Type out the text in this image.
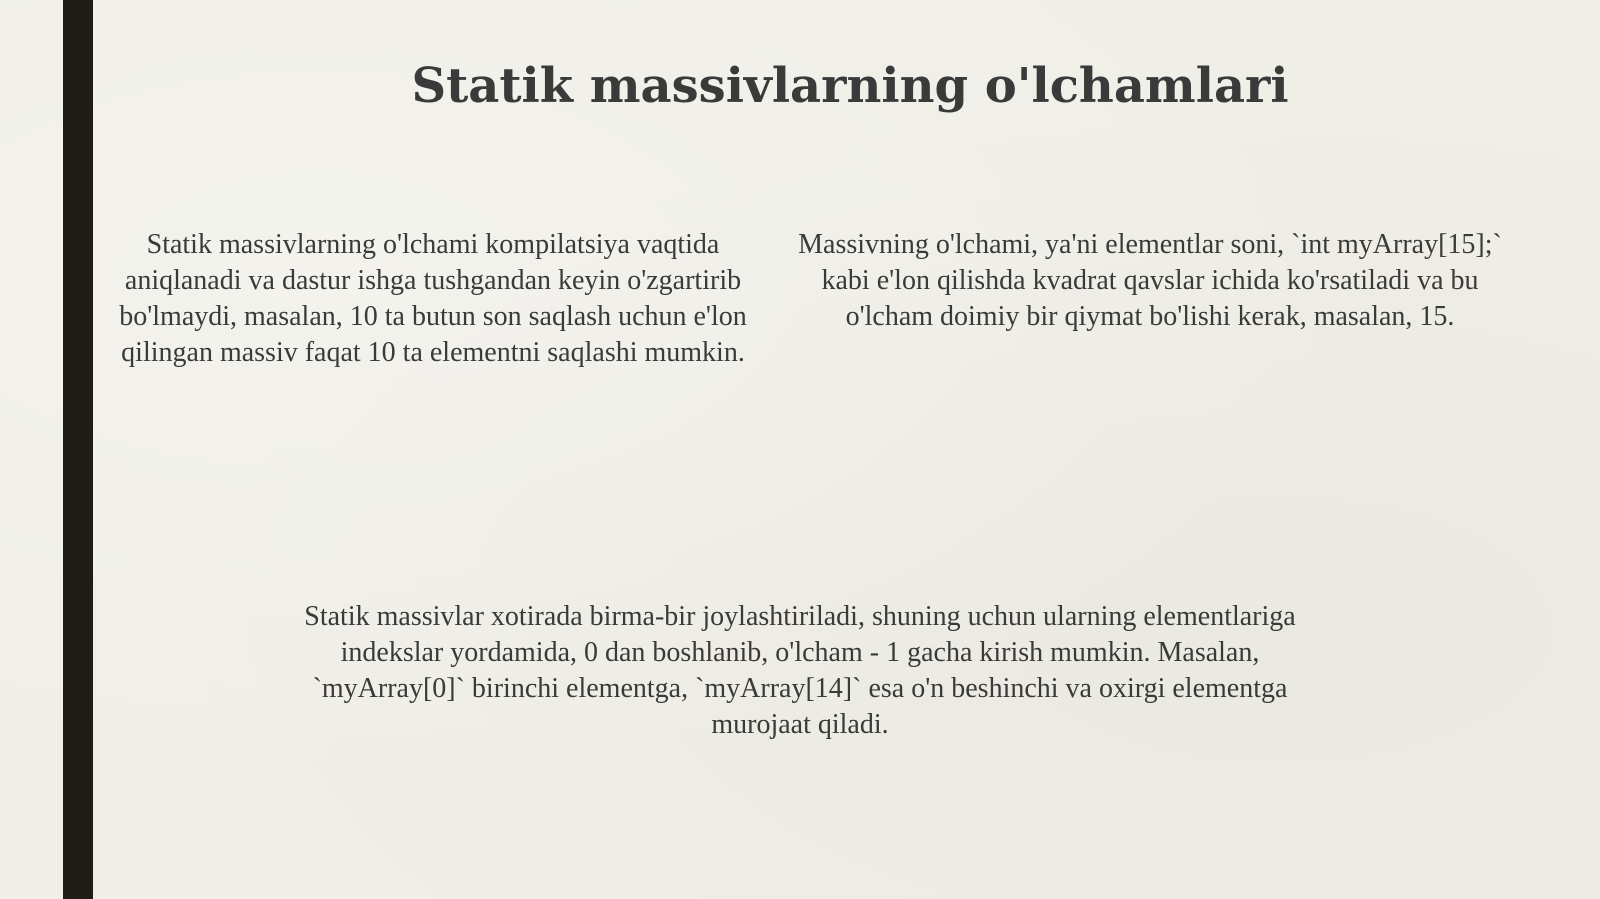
Statik massivlarning o'lchamlari
Statik massivlarning o'lchami kompilatsiya vaqtida aniqlanadi va dastur ishga tushgandan keyin o'zgartirib bo'lmaydi, masalan, 10 ta butun son saqlash uchun e'lon qilingan massiv faqat 10 ta elementni saqlashi mumkin.
Massivning o'lchami, ya'ni elementlar soni, `int myArray[15];` kabi e'lon qilishda kvadrat qavslar ichida ko'rsatiladi va bu o'lcham doimiy bir qiymat bo'lishi kerak, masalan, 15.
Statik massivlar xotirada birma-bir joylashtiriladi, shuning uchun ularning elementlariga indekslar yordamida, 0 dan boshlanib, o'lcham - 1 gacha kirish mumkin. Masalan, `myArray[0]` birinchi elementga, `myArray[14]` esa o'n beshinchi va oxirgi elementga murojaat qiladi.
